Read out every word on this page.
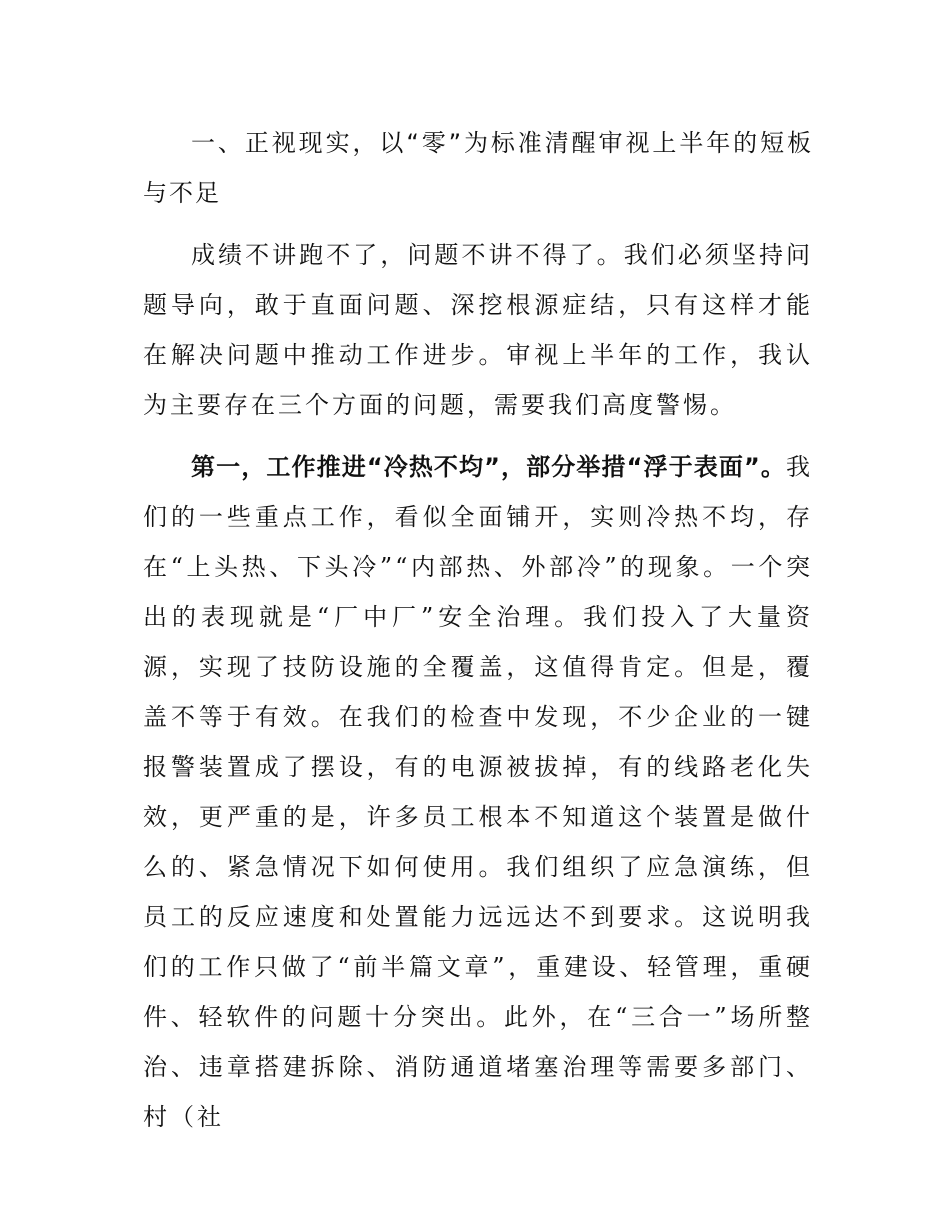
一、正视现实，以“零”为标准清醒审视上半年的短板与不足

成绩不讲跑不了，问题不讲不得了。我们必须坚持问题导向，敢于直面问题、深挖根源症结，只有这样才能在解决问题中推动工作进步。审视上半年的工作，我认为主要存在三个方面的问题，需要我们高度警惕。

第一，工作推进“冷热不均”，部分举措“浮于表面”。我们的一些重点工作，看似全面铺开，实则冷热不均，存在“上头热、下头冷”“内部热、外部冷”的现象。一个突出的表现就是“厂中厂”安全治理。我们投入了大量资源，实现了技防设施的全覆盖，这值得肯定。但是，覆盖不等于有效。在我们的检查中发现，不少企业的一键报警装置成了摆设，有的电源被拔掉，有的线路老化失效，更严重的是，许多员工根本不知道这个装置是做什么的、紧急情况下如何使用。我们组织了应急演练，但员工的反应速度和处置能力远远达不到要求。这说明我们的工作只做了“前半篇文章”，重建设、轻管理，重硬件、轻软件的问题十分突出。此外，在“三合一”场所整治、违章搭建拆除、消防通道堵塞治理等需要多部门、村（社
